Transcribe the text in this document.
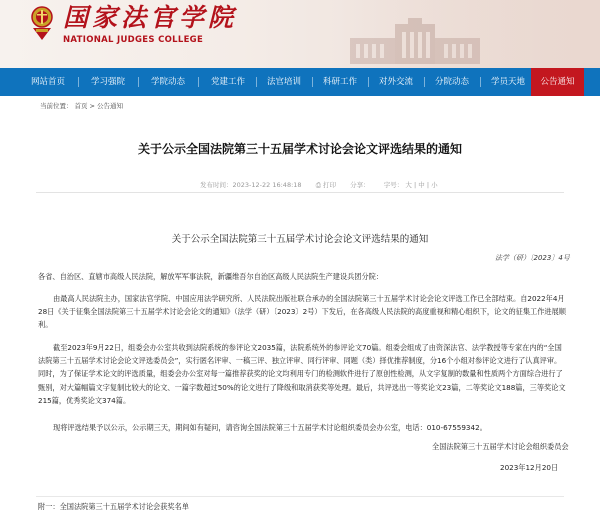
国家法官学院
NATIONAL JUDGES COLLEGE
网站首页	学习强院	学院动态	党建工作	法官培训	科研工作	对外交流	分院动态	学员天地	公告通知
当前位置： 首页 > 公告通知
关于公示全国法院第三十五届学术讨论会论文评选结果的通知
发布时间：2023-12-22 16:48:18 ⎙ 打印 分享： 字号： 大 | 中 | 小
关于公示全国法院第三十五届学术讨论会论文评选结果的通知
法学（研）〔2023〕4号
各省、自治区、直辖市高级人民法院，解放军军事法院，新疆维吾尔自治区高级人民法院生产建设兵团分院：
由最高人民法院主办，国家法官学院、中国应用法学研究所、人民法院出版社联合承办的全国法院第三十五届学术讨论会论文评选工作已全部结束。自2022年4月28日《关于征集全国法院第三十五届学术讨论会论文的通知》（法学（研）〔2023〕2号）下发后，在各高级人民法院的高度重视和精心组织下，论文的征集工作进展顺利。
截至2023年9月22日，组委会办公室共收到法院系统的参评论文2035篇，法院系统外的参评论文70篇。组委会组成了由资深法官、法学教授等专家在内的“全国法院第三十五届学术讨论会论文评选委员会”，实行匿名评审、一稿三评、独立评审、同行评审、同题（类）择优推荐制度，分16个小组对参评论文进行了认真评审。同时，为了保证学术论文的评选质量，组委会办公室对每一篇推荐获奖的论文均利用专门的检测软件进行了原创性检测，从文字复制的数量和性质两个方面综合进行了甄别，对大篇幅篇文字复制比较大的论文、一篇字数超过50%的论文进行了降级和取消获奖等处理。最后，共评选出一等奖论文23篇，二等奖论文188篇，三等奖论文215篇，优秀奖论文374篇。
现将评选结果予以公示，公示期三天，期间如有疑问，请咨询全国法院第三十五届学术讨论组织委员会办公室，电话：010-67559342。
全国法院第三十五届学术讨论会组织委员会
2023年12月20日
附一：全国法院第三十五届学术讨论会获奖名单
